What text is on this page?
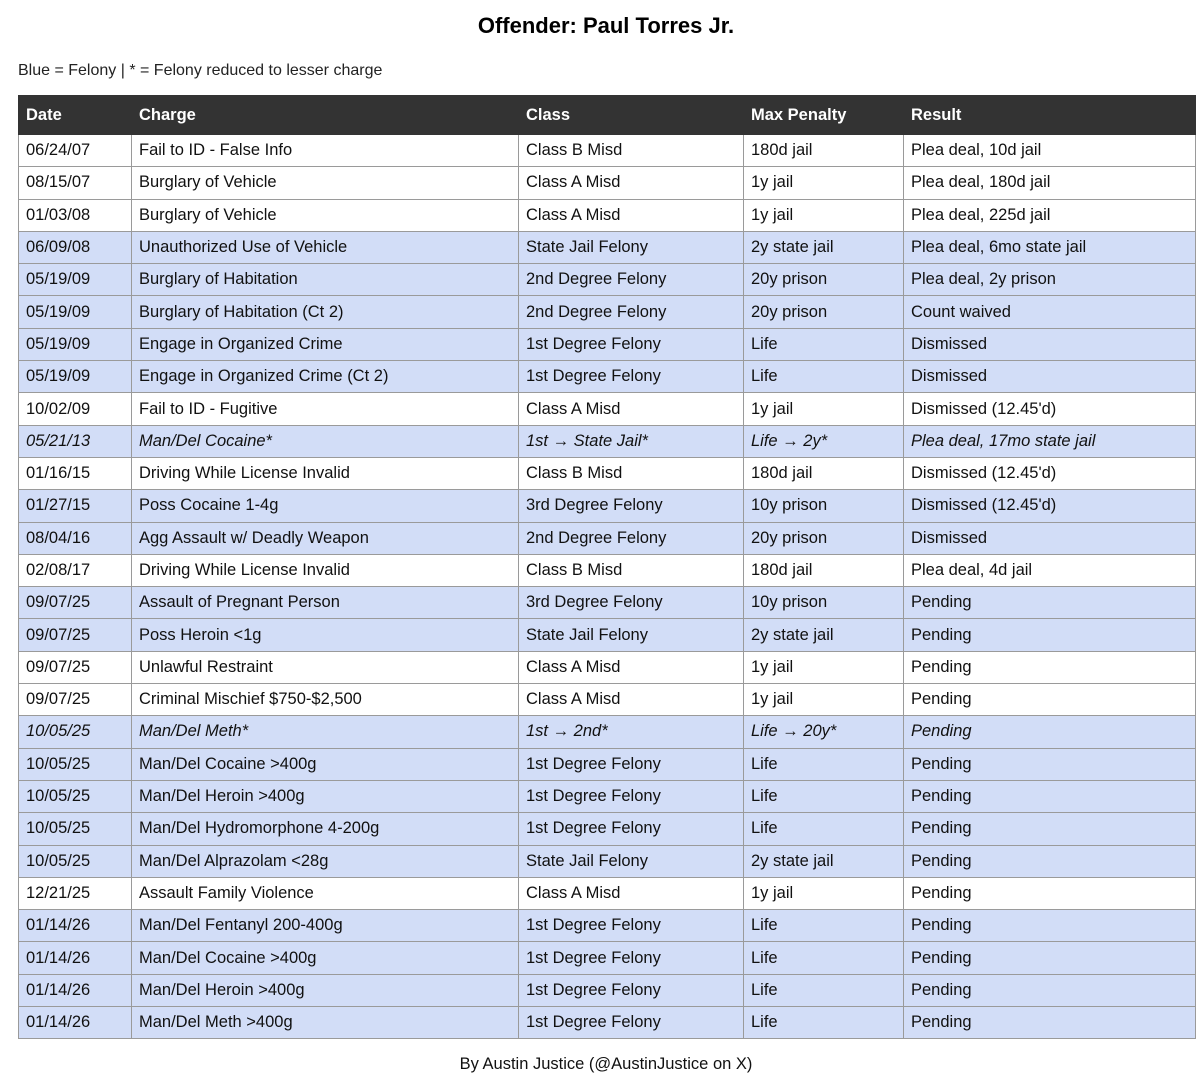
Offender: Paul Torres Jr.
Blue = Felony | * = Felony reduced to lesser charge
Date	Charge	Class	Max Penalty	Result
06/24/07	Fail to ID - False Info	Class B Misd	180d jail	Plea deal, 10d jail
08/15/07	Burglary of Vehicle	Class A Misd	1y jail	Plea deal, 180d jail
01/03/08	Burglary of Vehicle	Class A Misd	1y jail	Plea deal, 225d jail
06/09/08	Unauthorized Use of Vehicle	State Jail Felony	2y state jail	Plea deal, 6mo state jail
05/19/09	Burglary of Habitation	2nd Degree Felony	20y prison	Plea deal, 2y prison
05/19/09	Burglary of Habitation (Ct 2)	2nd Degree Felony	20y prison	Count waived
05/19/09	Engage in Organized Crime	1st Degree Felony	Life	Dismissed
05/19/09	Engage in Organized Crime (Ct 2)	1st Degree Felony	Life	Dismissed
10/02/09	Fail to ID - Fugitive	Class A Misd	1y jail	Dismissed (12.45'd)
05/21/13	Man/Del Cocaine*	1st → State Jail*	Life → 2y*	Plea deal, 17mo state jail
01/16/15	Driving While License Invalid	Class B Misd	180d jail	Dismissed (12.45'd)
01/27/15	Poss Cocaine 1-4g	3rd Degree Felony	10y prison	Dismissed (12.45'd)
08/04/16	Agg Assault w/ Deadly Weapon	2nd Degree Felony	20y prison	Dismissed
02/08/17	Driving While License Invalid	Class B Misd	180d jail	Plea deal, 4d jail
09/07/25	Assault of Pregnant Person	3rd Degree Felony	10y prison	Pending
09/07/25	Poss Heroin <1g	State Jail Felony	2y state jail	Pending
09/07/25	Unlawful Restraint	Class A Misd	1y jail	Pending
09/07/25	Criminal Mischief $750-$2,500	Class A Misd	1y jail	Pending
10/05/25	Man/Del Meth*	1st → 2nd*	Life → 20y*	Pending
10/05/25	Man/Del Cocaine >400g	1st Degree Felony	Life	Pending
10/05/25	Man/Del Heroin >400g	1st Degree Felony	Life	Pending
10/05/25	Man/Del Hydromorphone 4-200g	1st Degree Felony	Life	Pending
10/05/25	Man/Del Alprazolam <28g	State Jail Felony	2y state jail	Pending
12/21/25	Assault Family Violence	Class A Misd	1y jail	Pending
01/14/26	Man/Del Fentanyl 200-400g	1st Degree Felony	Life	Pending
01/14/26	Man/Del Cocaine >400g	1st Degree Felony	Life	Pending
01/14/26	Man/Del Heroin >400g	1st Degree Felony	Life	Pending
01/14/26	Man/Del Meth >400g	1st Degree Felony	Life	Pending
By Austin Justice (@AustinJustice on X)
